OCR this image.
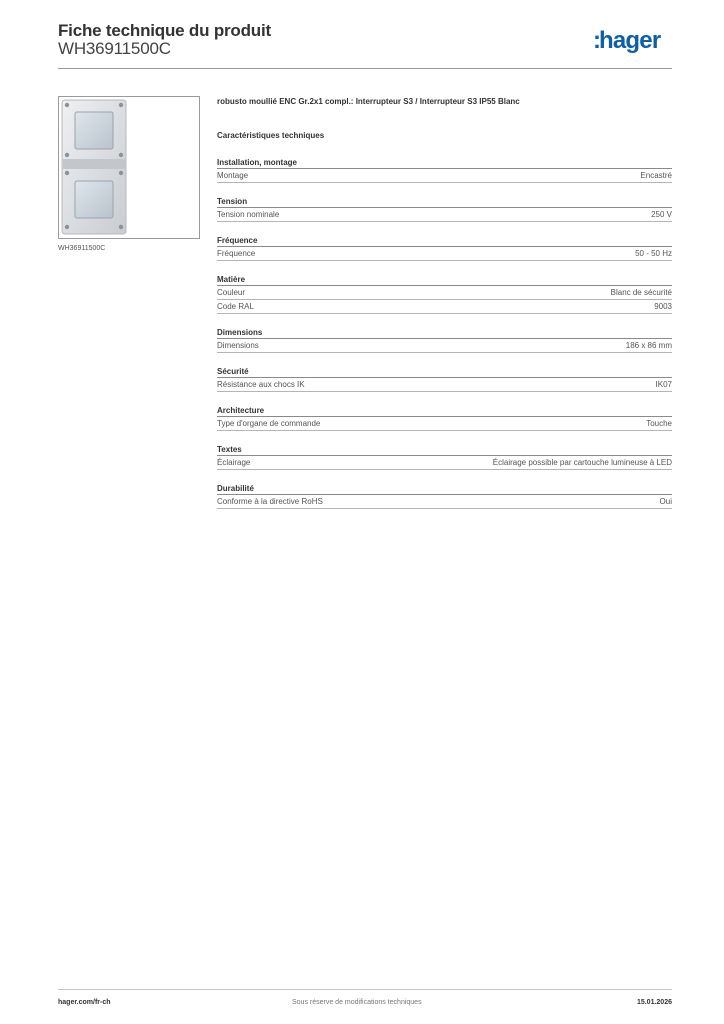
Fiche technique du produit
WH36911500C	:hager
WH36911500C
robusto moullié ENC Gr.2x1 compl.: Interrupteur S3 / Interrupteur S3 IP55 Blanc
Caractéristiques techniques
Installation, montage
Montage	Encastré
Tension
Tension nominale	250 V
Fréquence
Fréquence	50 - 50 Hz
Matière
Couleur	Blanc de sécurité
Code RAL	9003
Dimensions
Dimensions	186 x 86 mm
Sécurité
Résistance aux chocs IK	IK07
Architecture
Type d'organe de commande	Touche
Textes
Éclairage	Éclairage possible par cartouche lumineuse à LED
Durabilité
Conforme à la directive RoHS	Oui
hager.com/fr-ch	Sous réserve de modifications techniques	15.01.2026
